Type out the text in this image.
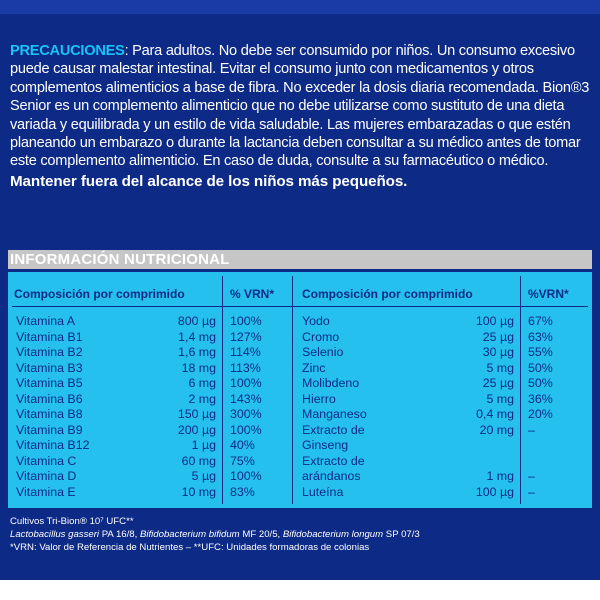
PRECAUCIONES: Para adultos. No debe ser consumido por niños. Un consumo excesivo puede causar malestar intestinal. Evitar el consumo junto con medicamentos y otros complementos alimenticios a base de fibra. No exceder la dosis diaria recomendada. Bion®3 Senior es un complemento alimenticio que no debe utilizarse como sustituto de una dieta variada y equilibrada y un estilo de vida saludable. Las mujeres embarazadas o que estén planeando un embarazo o durante la lactancia deben consultar a su médico antes de tomar este complemento alimenticio. En caso de duda, consulte a su farmacéutico o médico.
Mantener fuera del alcance de los niños más pequeños.
INFORMACIÓN NUTRICIONAL
Composición por comprimido	% VRN*	Composición por comprimido	%VRN*
Vitamina A	800 µg 100%
Vitamina B1	1,4 mg 127%
Vitamina B2	1,6 mg 114%
Vitamina B3	18 mg 113%
Vitamina B5	6 mg 100%
Vitamina B6	2 mg 143%
Vitamina B8	150 µg 300%
Vitamina B9	200 µg 100%
Vitamina B12	1 µg 40%
Vitamina C	60 mg 75%
Vitamina D	5 µg 100%
Vitamina E	10 mg 83%
Yodo	100 µg 67%
Cromo	25 µg 63%
Selenio	30 µg 55%
Zinc	5 mg 50%
Molibdeno	25 µg 50%
Hierro	5 mg 36%
Manganeso	0,4 mg 20%
Extracto de	20 mg –
Ginseng
Extracto de
arándanos	1 mg –
Luteína	100 µg –
Cultivos Tri-Bion® 10⁷ UFC**
Lactobacillus gasseri PA 16/8, Bifidobacterium bifidum MF 20/5, Bifidobacterium longum SP 07/3
*VRN: Valor de Referencia de Nutrientes – **UFC: Unidades formadoras de colonias
